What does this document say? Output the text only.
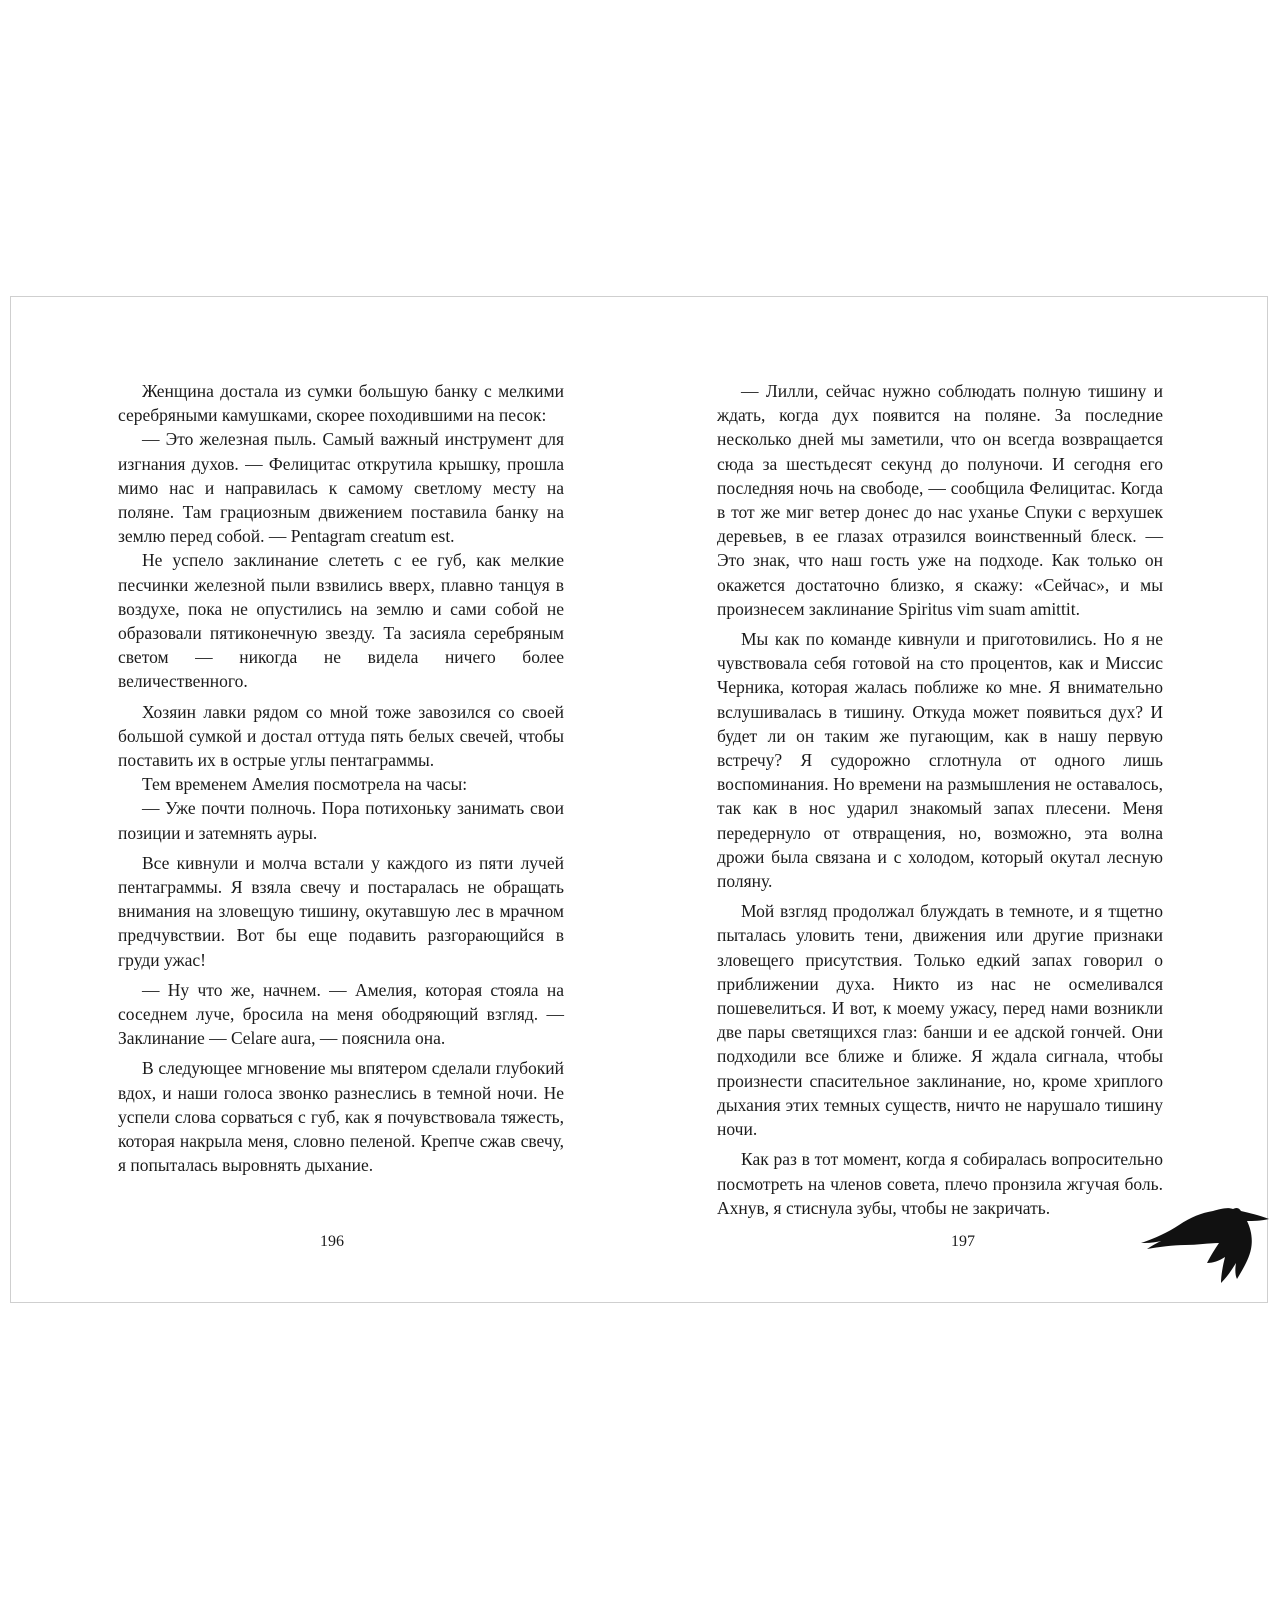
Женщина достала из сумки большую банку с мелкими серебряными камушками, скорее походившими на песок:

— Это железная пыль. Самый важный инструмент для изгнания духов. — Фелицитас открутила крышку, прошла мимо нас и направилась к самому светлому месту на поляне. Там грациозным движением поставила банку на землю перед собой. — Pentagram creatum est.

Не успело заклинание слететь с ее губ, как мелкие песчинки железной пыли взвились вверх, плавно танцуя в воздухе, пока не опустились на землю и сами собой не образовали пятиконечную звезду. Та засияла серебряным светом — никогда не видела ничего более величественного.

Хозяин лавки рядом со мной тоже завозился со своей большой сумкой и достал оттуда пять белых свечей, чтобы поставить их в острые углы пентаграммы.

Тем временем Амелия посмотрела на часы:

— Уже почти полночь. Пора потихоньку занимать свои позиции и затемнять ауры.

Все кивнули и молча встали у каждого из пяти лучей пентаграммы. Я взяла свечу и постаралась не обращать внимания на зловещую тишину, окутавшую лес в мрачном предчувствии. Вот бы еще подавить разгорающийся в груди ужас!

— Ну что же, начнем. — Амелия, которая стояла на соседнем луче, бросила на меня ободряющий взгляд. — Заклинание — Celare aura, — пояснила она.

В следующее мгновение мы впятером сделали глубокий вдох, и наши голоса звонко разнеслись в темной ночи. Не успели слова сорваться с губ, как я почувствовала тяжесть, которая накрыла меня, словно пеленой. Крепче сжав свечу, я попыталась выровнять дыхание.

— Лилли, сейчас нужно соблюдать полную тишину и ждать, когда дух появится на поляне. За последние несколько дней мы заметили, что он всегда возвращается сюда за шестьдесят секунд до полуночи. И сегодня его последняя ночь на свободе, — сообщила Фелицитас. Когда в тот же миг ветер донес до нас уханье Спуки с верхушек деревьев, в ее глазах отразился воинственный блеск. — Это знак, что наш гость уже на подходе. Как только он окажется достаточно близко, я скажу: «Сейчас», и мы произнесем заклинание Spiritus vim suam amittit.

Мы как по команде кивнули и приготовились. Но я не чувствовала себя готовой на сто процентов, как и Миссис Черника, которая жалась поближе ко мне. Я внимательно вслушивалась в тишину. Откуда может появиться дух? И будет ли он таким же пугающим, как в нашу первую встречу? Я судорожно сглотнула от одного лишь воспоминания. Но времени на размышления не оставалось, так как в нос ударил знакомый запах плесени. Меня передернуло от отвращения, но, возможно, эта волна дрожи была связана и с холодом, который окутал лесную поляну.

Мой взгляд продолжал блуждать в темноте, и я тщетно пыталась уловить тени, движения или другие признаки зловещего присутствия. Только едкий запах говорил о приближении духа. Никто из нас не осмеливался пошевелиться. И вот, к моему ужасу, перед нами возникли две пары светящихся глаз: банши и ее адской гончей. Они подходили все ближе и ближе. Я ждала сигнала, чтобы произнести спасительное заклинание, но, кроме хриплого дыхания этих темных существ, ничто не нарушало тишину ночи.

Как раз в тот момент, когда я собиралась вопросительно посмотреть на членов совета, плечо пронзила жгучая боль. Ахнув, я стиснула зубы, чтобы не закричать.

196	197
